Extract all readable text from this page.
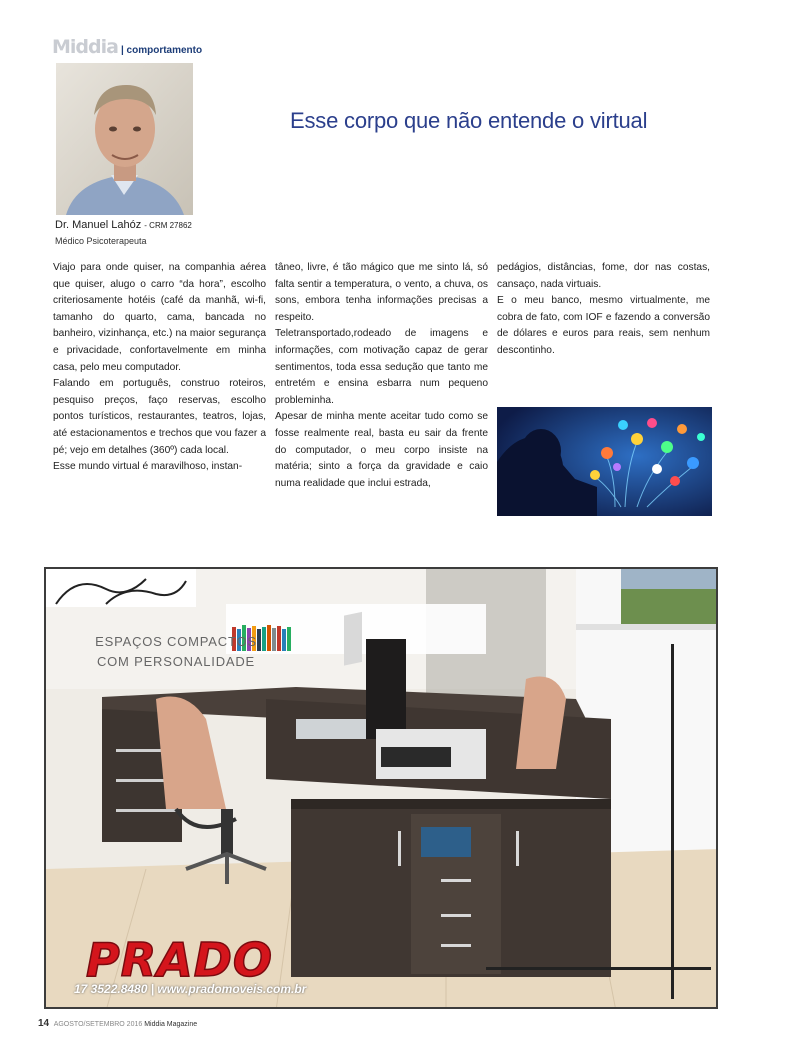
Middia | comportamento
Dr. Manuel Lahóz - CRM 27862
Médico Psicoterapeuta
Esse corpo que não entende o virtual

Viajo para onde quiser, na companhia aérea que quiser, alugo o carro “da hora”, escolho criteriosamente hotéis (café da manhã, wi-fi, tamanho do quarto, cama, bancada no banheiro, vizinhança, etc.) na maior segurança e privacidade, confortavelmente em minha casa, pelo meu computador.

Falando em português, construo roteiros, pesquiso preços, faço reservas, escolho pontos turísticos, restaurantes, teatros, lojas, até estacionamentos e trechos que vou fazer a pé; vejo em detalhes (360º) cada local.

Esse mundo virtual é maravilhoso, instan-

tâneo, livre, é tão mágico que me sinto lá, só falta sentir a temperatura, o vento, a chuva, os sons, embora tenha informações precisas a respeito.

Teletransportado,rodeado de imagens e informações, com motivação capaz de gerar sentimentos, toda essa sedução que tanto me entretém e ensina esbarra num pequeno probleminha.

Apesar de minha mente aceitar tudo como se fosse realmente real, basta eu sair da frente do computador, o meu corpo insiste na matéria; sinto a força da gravidade e caio numa realidade que inclui estrada,

pedágios, distâncias, fome, dor nas costas, cansaço, nada virtuais.

E o meu banco, mesmo virtualmente, me cobra de fato, com IOF e fazendo a conversão de dólares e euros para reais, sem nenhum descontinho.

ESPAÇOS COMPACTOS
COM PERSONALIDADE
PRADO
17 3522.8480 | www.pradomoveis.com.br
14 AGOSTO/SETEMBRO 2016 Middia Magazine
